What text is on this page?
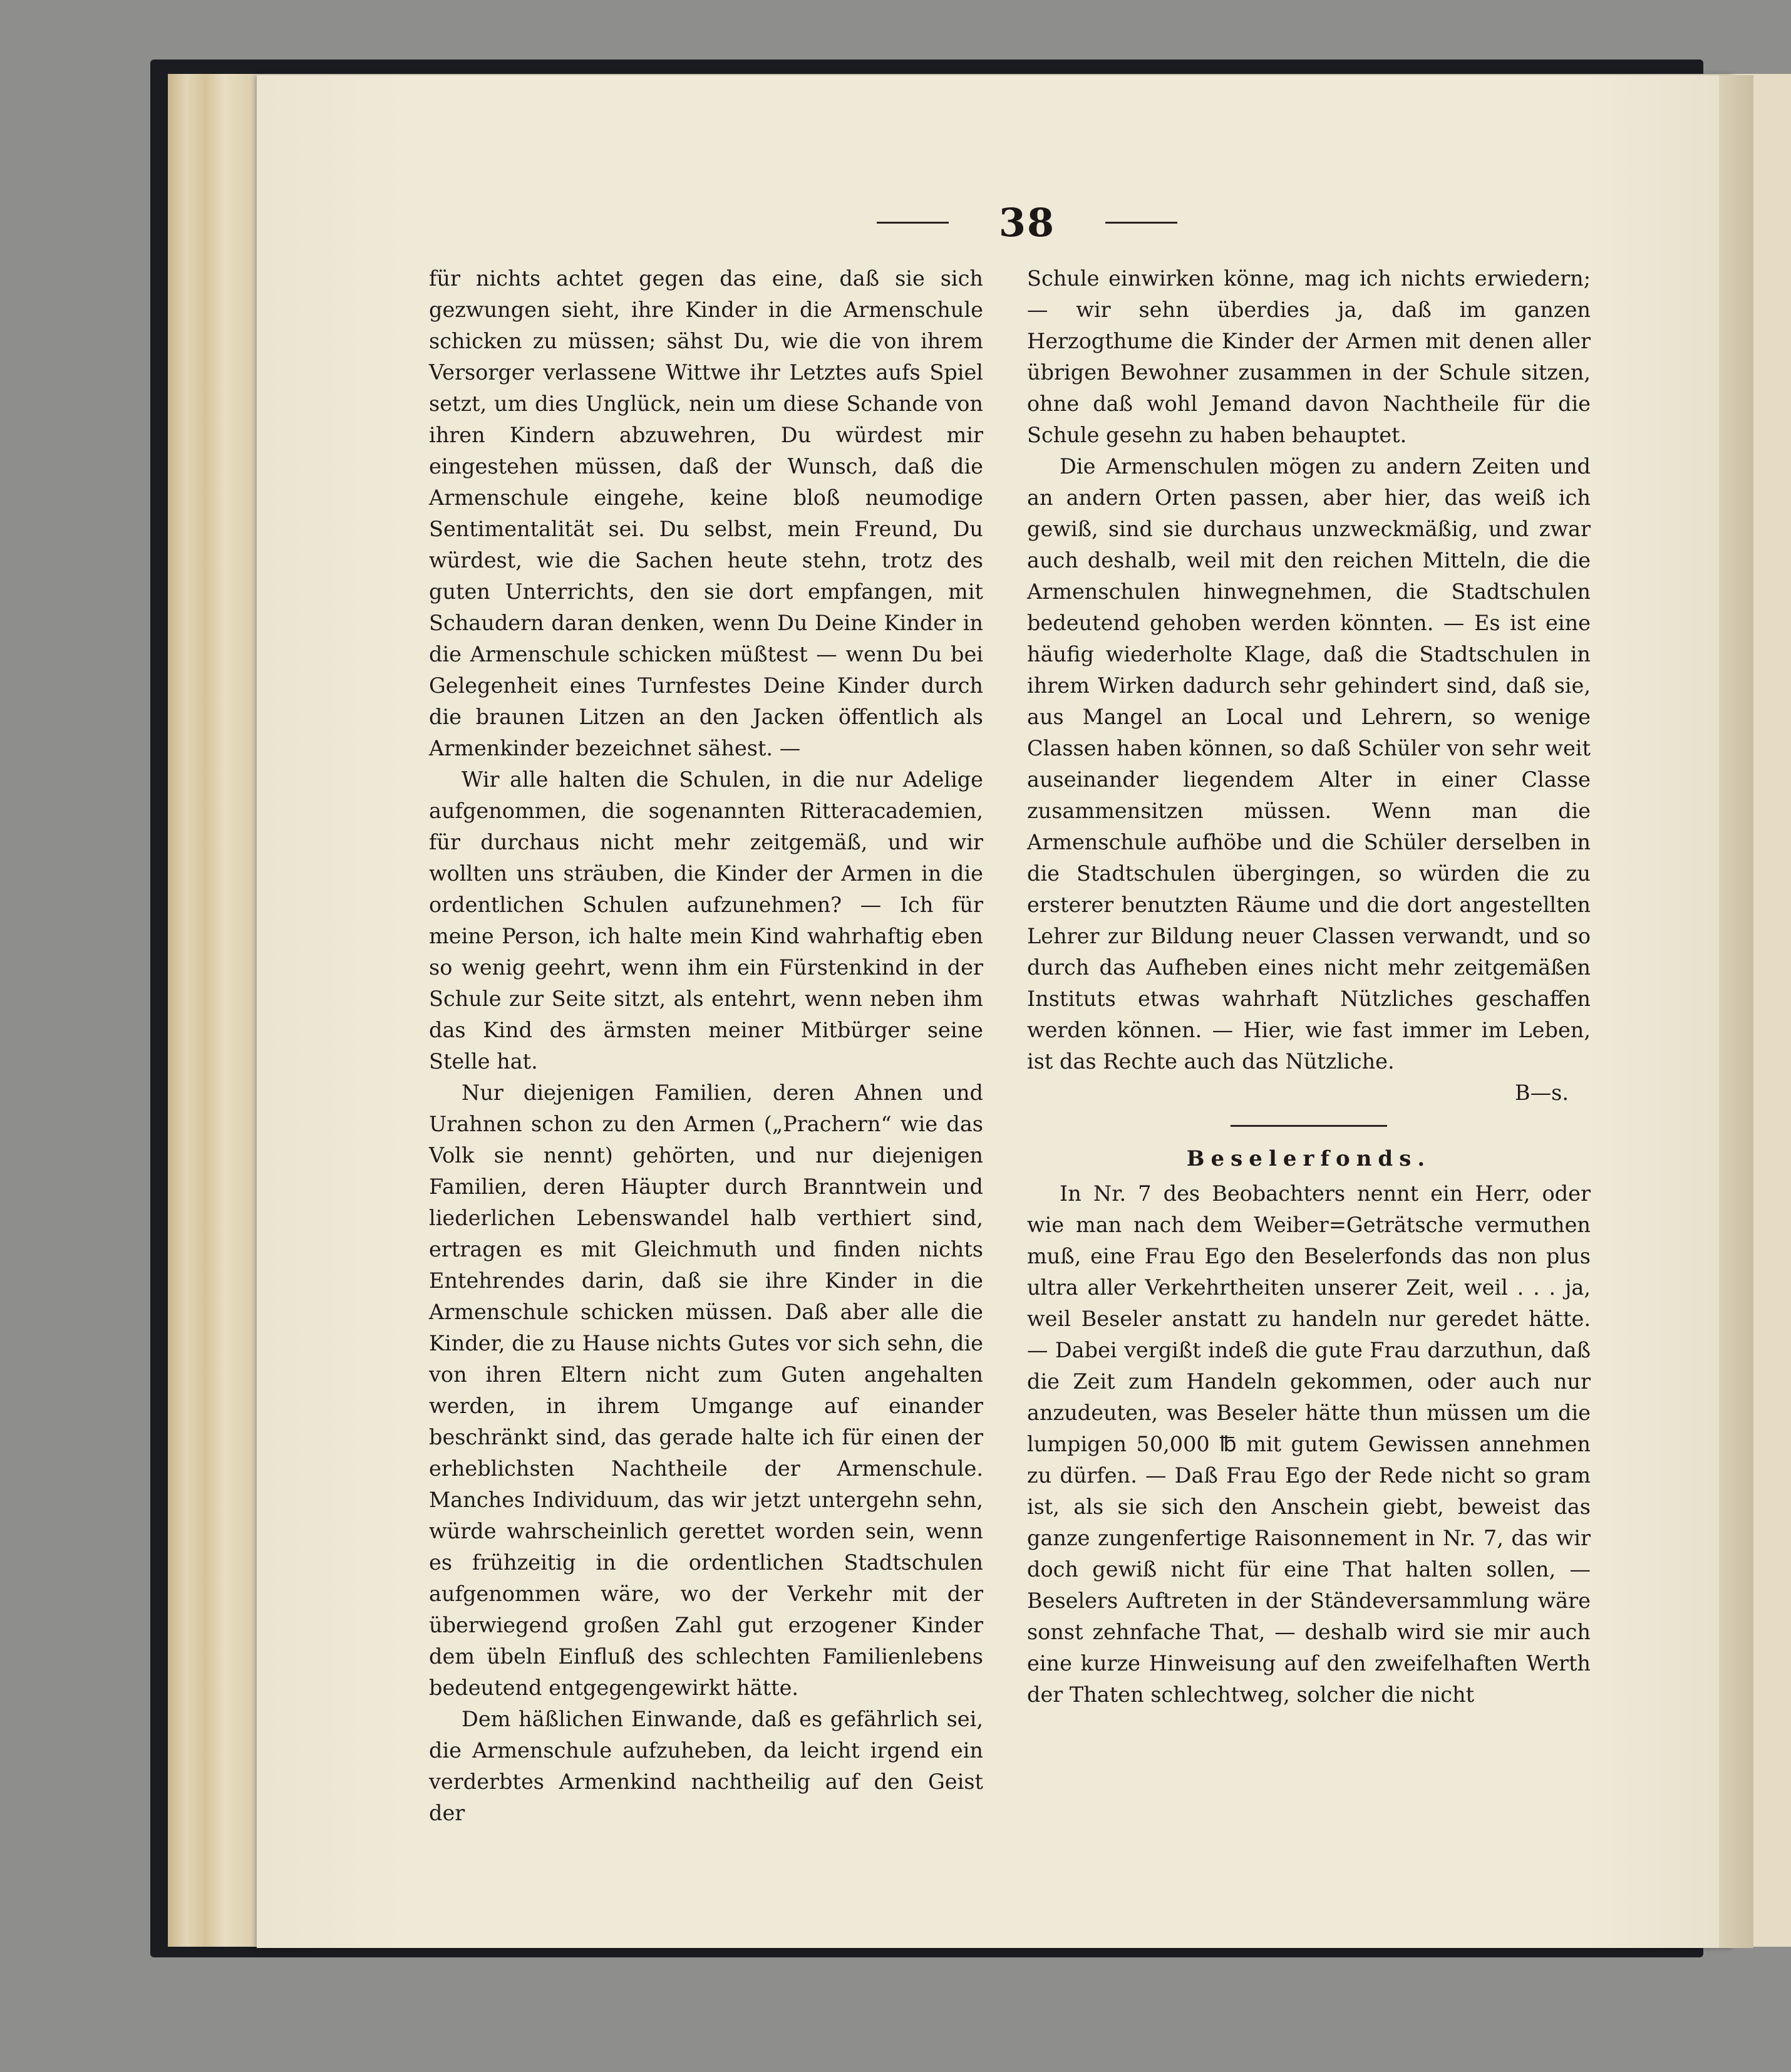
38

für nichts achtet gegen das eine, daß sie sich gezwungen sieht, ihre Kinder in die Armenschule schicken zu müssen; sähst Du, wie die von ihrem Versorger verlassene Wittwe ihr Letztes aufs Spiel setzt, um dies Unglück, nein um diese Schande von ihren Kindern abzuwehren, Du würdest mir eingestehen müssen, daß der Wunsch, daß die Armenschule eingehe, keine bloß neumodige Sentimentalität sei. Du selbst, mein Freund, Du würdest, wie die Sachen heute stehn, trotz des guten Unterrichts, den sie dort empfangen, mit Schaudern daran denken, wenn Du Deine Kinder in die Armenschule schicken müßtest — wenn Du bei Gelegenheit eines Turnfestes Deine Kinder durch die braunen Litzen an den Jacken öffentlich als Armenkinder bezeichnet sähest. —

Wir alle halten die Schulen, in die nur Adelige aufgenommen, die sogenannten Ritteracademien, für durchaus nicht mehr zeitgemäß, und wir wollten uns sträuben, die Kinder der Armen in die ordentlichen Schulen aufzunehmen? — Ich für meine Person, ich halte mein Kind wahrhaftig eben so wenig geehrt, wenn ihm ein Fürstenkind in der Schule zur Seite sitzt, als entehrt, wenn neben ihm das Kind des ärmsten meiner Mitbürger seine Stelle hat.

Nur diejenigen Familien, deren Ahnen und Urahnen schon zu den Armen („Prachern“ wie das Volk sie nennt) gehörten, und nur diejenigen Familien, deren Häupter durch Branntwein und liederlichen Lebenswandel halb verthiert sind, ertragen es mit Gleichmuth und finden nichts Entehrendes darin, daß sie ihre Kinder in die Armenschule schicken müssen. Daß aber alle die Kinder, die zu Hause nichts Gutes vor sich sehn, die von ihren Eltern nicht zum Guten angehalten werden, in ihrem Umgange auf einander beschränkt sind, das gerade halte ich für einen der erheblichsten Nachtheile der Armenschule. Manches Individuum, das wir jetzt untergehn sehn, würde wahrscheinlich gerettet worden sein, wenn es frühzeitig in die ordentlichen Stadtschulen aufgenommen wäre, wo der Verkehr mit der überwiegend großen Zahl gut erzogener Kinder dem übeln Einfluß des schlechten Familienlebens bedeutend entgegengewirkt hätte.

Dem häßlichen Einwande, daß es gefährlich sei, die Armenschule aufzuheben, da leicht irgend ein verderbtes Armenkind nachtheilig auf den Geist der

Schule einwirken könne, mag ich nichts erwiedern; — wir sehn überdies ja, daß im ganzen Herzogthume die Kinder der Armen mit denen aller übrigen Bewohner zusammen in der Schule sitzen, ohne daß wohl Jemand davon Nachtheile für die Schule gesehn zu haben behauptet.

Die Armenschulen mögen zu andern Zeiten und an andern Orten passen, aber hier, das weiß ich gewiß, sind sie durchaus unzweckmäßig, und zwar auch deshalb, weil mit den reichen Mitteln, die die Armenschulen hinwegnehmen, die Stadtschulen bedeutend gehoben werden könnten. — Es ist eine häufig wiederholte Klage, daß die Stadtschulen in ihrem Wirken dadurch sehr gehindert sind, daß sie, aus Mangel an Local und Lehrern, so wenige Classen haben können, so daß Schüler von sehr weit auseinander liegendem Alter in einer Classe zusammensitzen müssen. Wenn man die Armenschule aufhöbe und die Schüler derselben in die Stadtschulen übergingen, so würden die zu ersterer benutzten Räume und die dort angestellten Lehrer zur Bildung neuer Classen verwandt, und so durch das Aufheben eines nicht mehr zeitgemäßen Instituts etwas wahrhaft Nützliches geschaffen werden können. — Hier, wie fast immer im Leben, ist das Rechte auch das Nützliche.

B—s.

Beselerfonds.

In Nr. 7 des Beobachters nennt ein Herr, oder wie man nach dem Weiber=Geträtsche vermuthen muß, eine Frau Ego den Beselerfonds das non plus ultra aller Verkehrtheiten unserer Zeit, weil . . . ja, weil Beseler anstatt zu handeln nur geredet hätte. — Dabei vergißt indeß die gute Frau darzuthun, daß die Zeit zum Handeln gekommen, oder auch nur anzudeuten, was Beseler hätte thun müssen um die lumpigen 50,000 ℔ mit gutem Gewissen annehmen zu dürfen. — Daß Frau Ego der Rede nicht so gram ist, als sie sich den Anschein giebt, beweist das ganze zungenfertige Raisonnement in Nr. 7, das wir doch gewiß nicht für eine That halten sollen, — Beselers Auftreten in der Ständeversammlung wäre sonst zehnfache That, — deshalb wird sie mir auch eine kurze Hinweisung auf den zweifelhaften Werth der Thaten schlechtweg, solcher die nicht
